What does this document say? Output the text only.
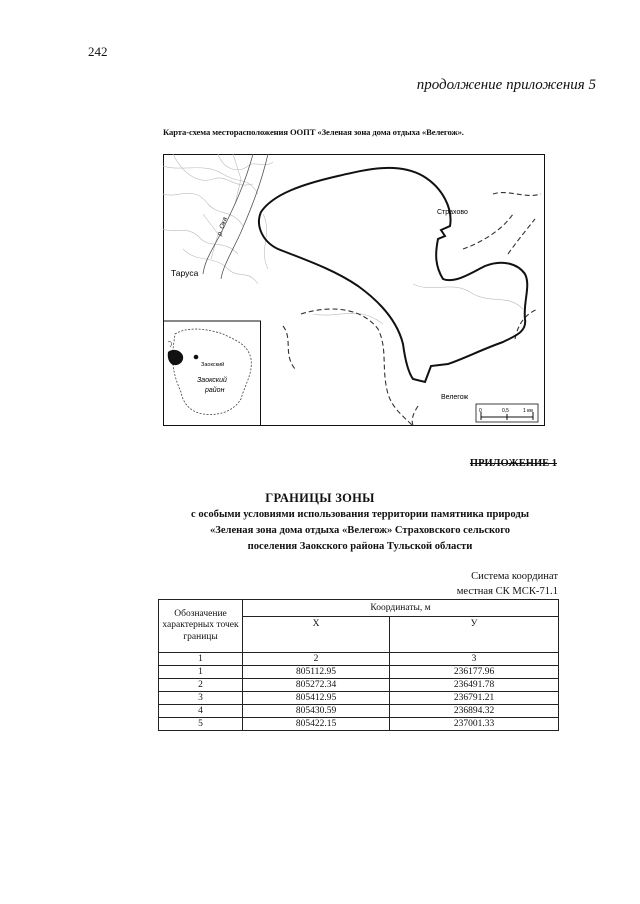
242
продолжение приложения 5
Карта-схема месторасположения ООПТ «Зеленая зона дома отдыха «Велегож».
Страхово
Таруса
р. Ока
Велегож
Заокский
Заокский
район
0	0,5	1 км
ПРИЛОЖЕНИЕ 1
ГРАНИЦЫ ЗОНЫ
с особыми условиями использования территории памятника природы
«Зеленая зона дома отдыха «Велегож» Страховского сельского
поселения Заокского района Тульской области
Система координат
местная СК МСК-71.1
Обозначение характерных точек границы	Координаты, м	
	X	У
1	2	3
1	805112.95	236177.96
2	805272.34	236491.78
3	805412.95	236791.21
4	805430.59	236894.32
5	805422.15	237001.33
